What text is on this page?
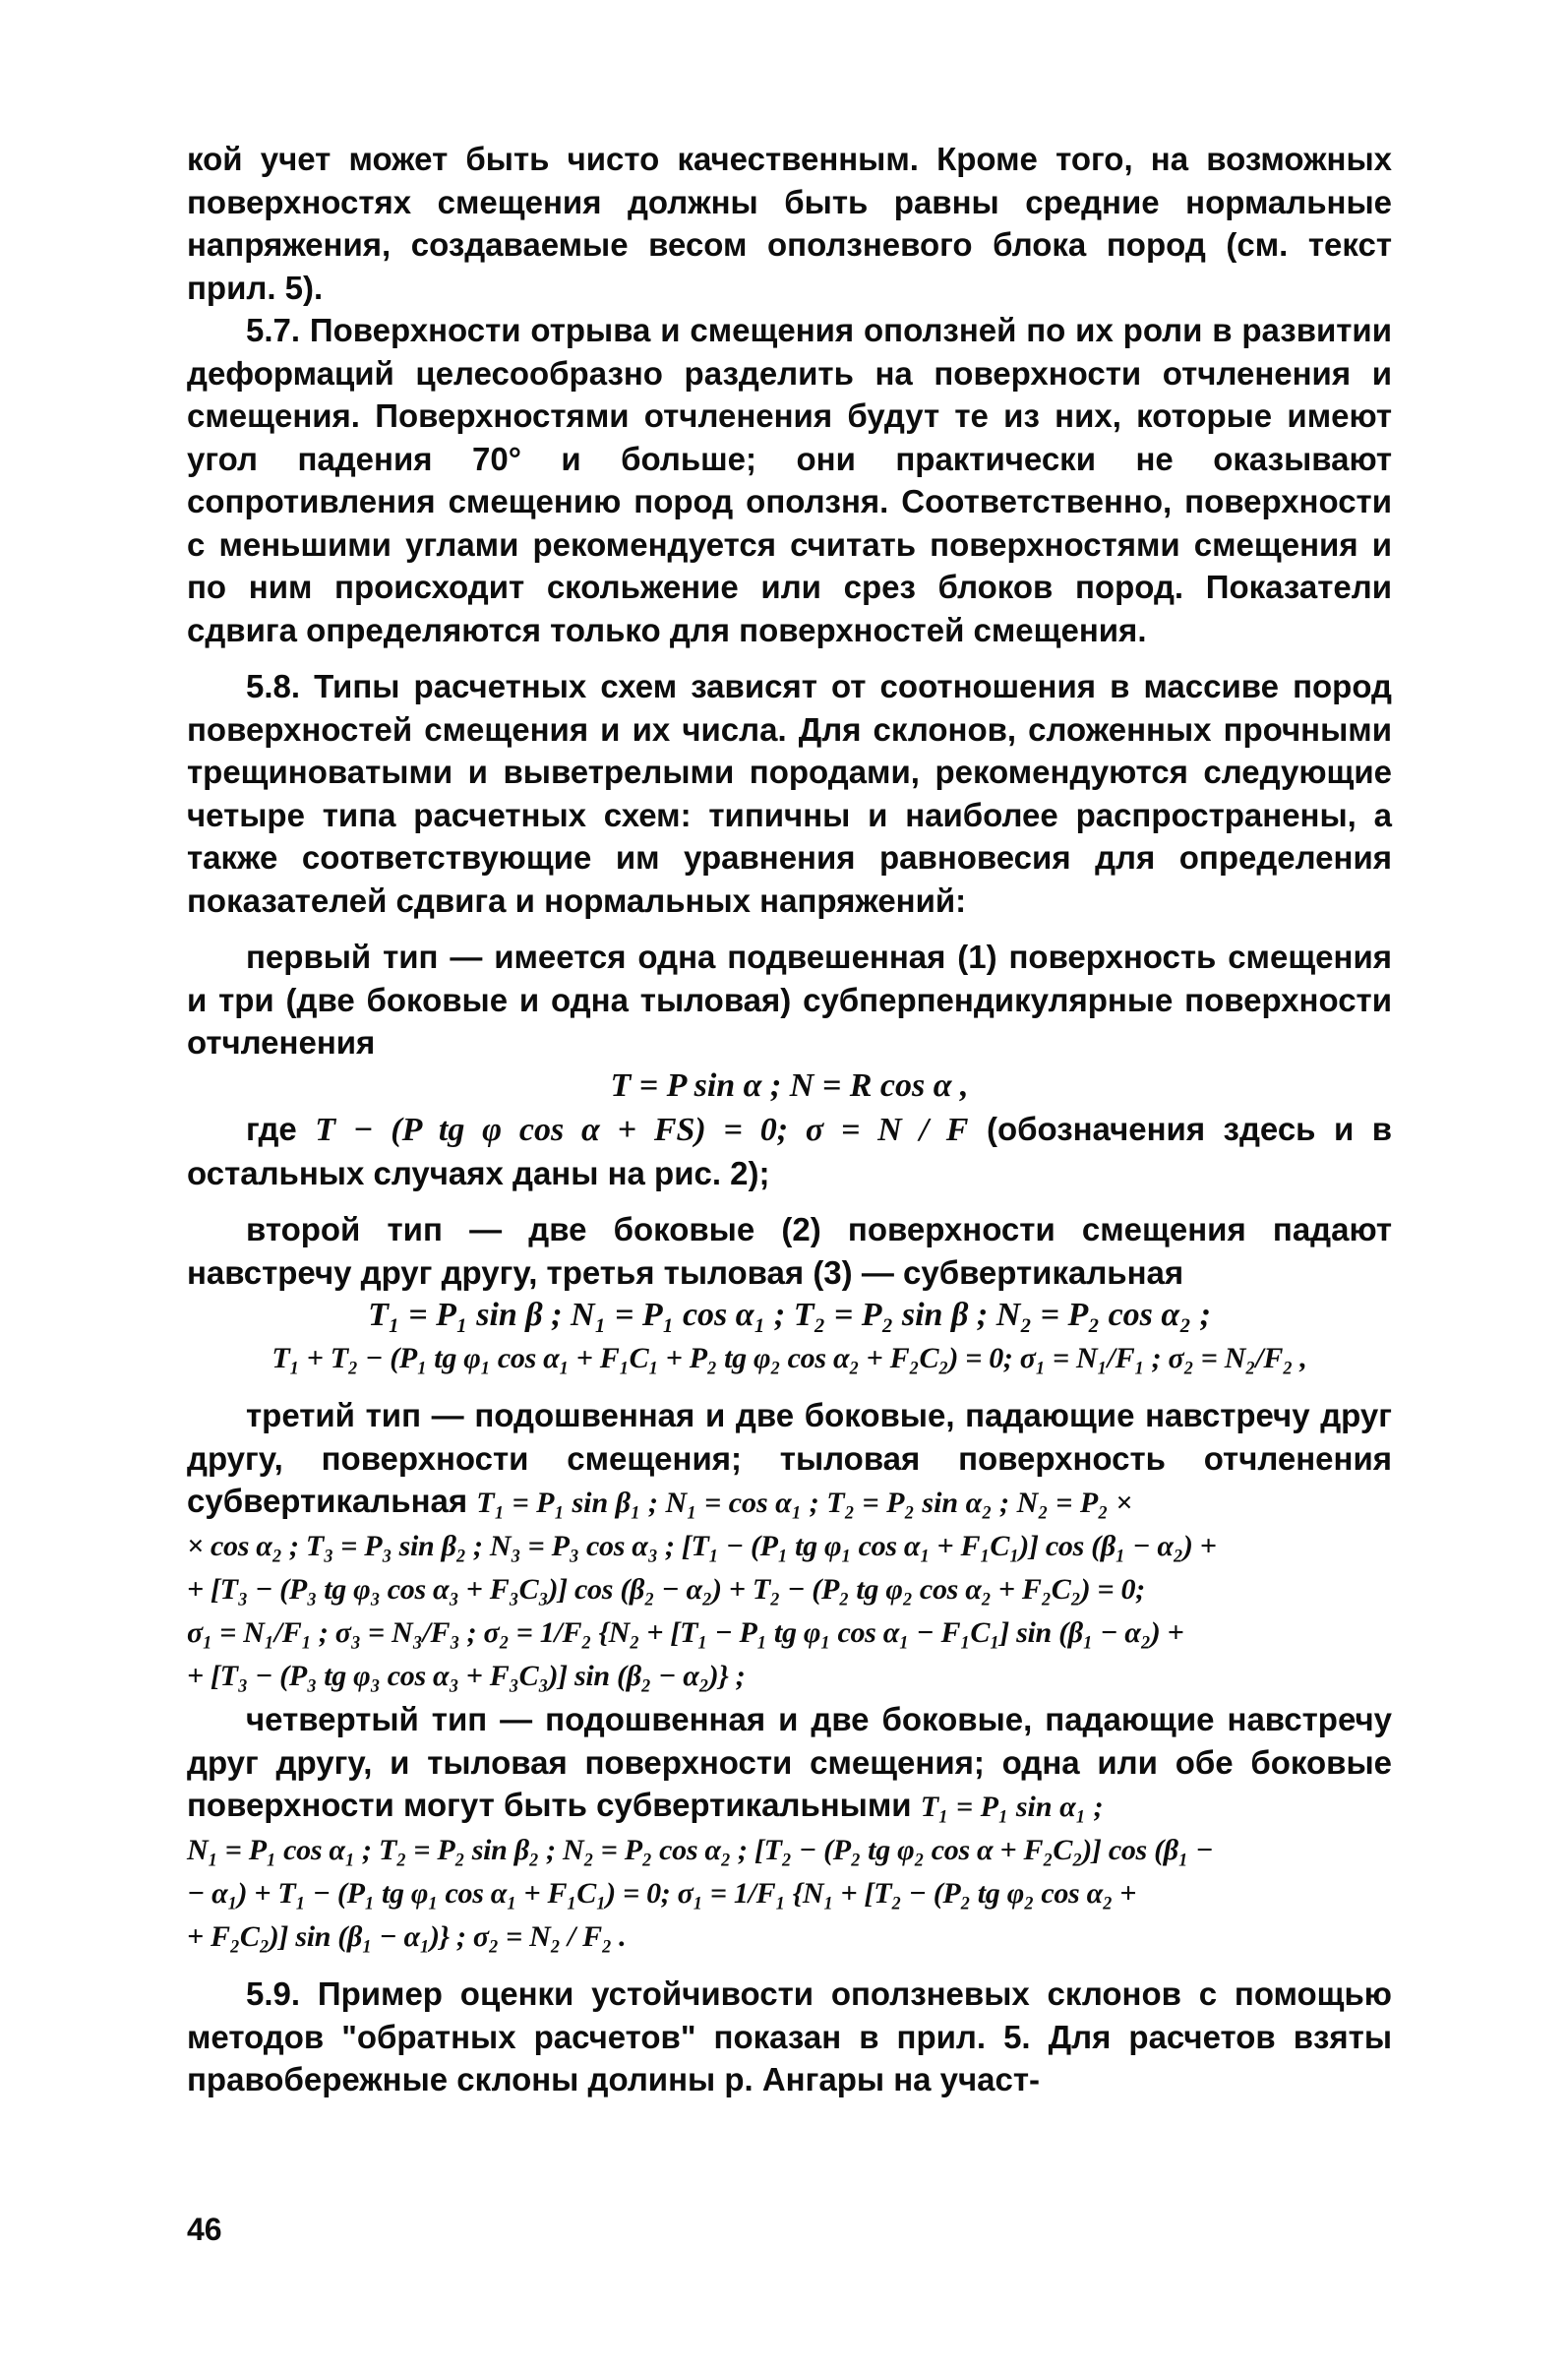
кой учет может быть чисто качественным. Кроме того, на возможных поверхностях смещения должны быть равны средние нормальные напряжения, создаваемые весом оползневого блока пород (см. текст прил. 5).

5.7. Поверхности отрыва и смещения оползней по их роли в развитии деформаций целесообразно разделить на поверхности отчленения и смещения. Поверхностями отчленения будут те из них, которые имеют угол падения 70° и больше; они практически не оказывают сопротивления смещению пород оползня. Соответственно, поверхности с меньшими углами рекомендуется считать поверхностями смещения и по ним происходит скольжение или срез блоков пород. Показатели сдвига определяются только для поверхностей смещения.

5.8. Типы расчетных схем зависят от соотношения в массиве пород поверхностей смещения и их числа. Для склонов, сложенных прочными трещиноватыми и выветрелыми породами, рекомендуются следующие четыре типа расчетных схем: типичны и наиболее распространены, а также соответствующие им уравнения равновесия для определения показателей сдвига и нормальных напряжений:

первый тип — имеется одна подвешенная (1) поверхность смещения и три (две боковые и одна тыловая) субперпендикулярные поверхности отчленения

T = P sin α ; N = R cos α ,

где T − (P tg φ cos α + FS) = 0; σ = N / F (обозначения здесь и в остальных случаях даны на рис. 2);

второй тип — две боковые (2) поверхности смещения падают навстречу друг другу, третья тыловая (3) — субвертикальная

T₁ = P₁ sin β ; N₁ = P₁ cos α₁ ; T₂ = P₂ sin β ; N₂ = P₂ cos α₂ ;

T₁ + T₂ − (P₁ tg φ₁ cos α₁ + F₁C₁ + P₂ tg φ₂ cos α₂ + F₂C₂) = 0; σ₁ = N₁/F₁ ; σ₂ = N₂/F₂ ,

третий тип — подошвенная и две боковые, падающие навстречу друг другу, поверхности смещения; тыловая поверхность отчленения субвертикальная T₁ = P₁ sin β₁ ; N₁ = cos α₁ ; T₂ = P₂ sin α₂ ; N₂ = P₂ ×

× cos α₂ ; T₃ = P₃ sin β₂ ; N₃ = P₃ cos α₃ ; [T₁ − (P₁ tg φ₁ cos α₁ + F₁C₁)] cos (β₁ − α₂) +

+ [T₃ − (P₃ tg φ₃ cos α₃ + F₃C₃)] cos (β₂ − α₂) + T₂ − (P₂ tg φ₂ cos α₂ + F₂C₂) = 0;

σ₁ = N₁/F₁ ; σ₃ = N₃/F₃ ; σ₂ = 1/F₂ {N₂ + [T₁ − P₁ tg φ₁ cos α₁ − F₁C₁] sin (β₁ − α₂) +

+ [T₃ − (P₃ tg φ₃ cos α₃ + F₃C₃)] sin (β₂ − α₂)} ;

четвертый тип — подошвенная и две боковые, падающие навстречу друг другу, и тыловая поверхности смещения; одна или обе боковые поверхности могут быть субвертикальными T₁ = P₁ sin α₁ ;

N₁ = P₁ cos α₁ ; T₂ = P₂ sin β₂ ; N₂ = P₂ cos α₂ ; [T₂ − (P₂ tg φ₂ cos α + F₂C₂)] cos (β₁ −

− α₁) + T₁ − (P₁ tg φ₁ cos α₁ + F₁C₁) = 0; σ₁ = 1/F₁ {N₁ + [T₂ − (P₂ tg φ₂ cos α₂ +

+ F₂C₂)] sin (β₁ − α₁)} ; σ₂ = N₂ / F₂ .

5.9. Пример оценки устойчивости оползневых склонов с помощью методов "обратных расчетов" показан в прил. 5. Для расчетов взяты правобережные склоны долины р. Ангары на участ-

46
